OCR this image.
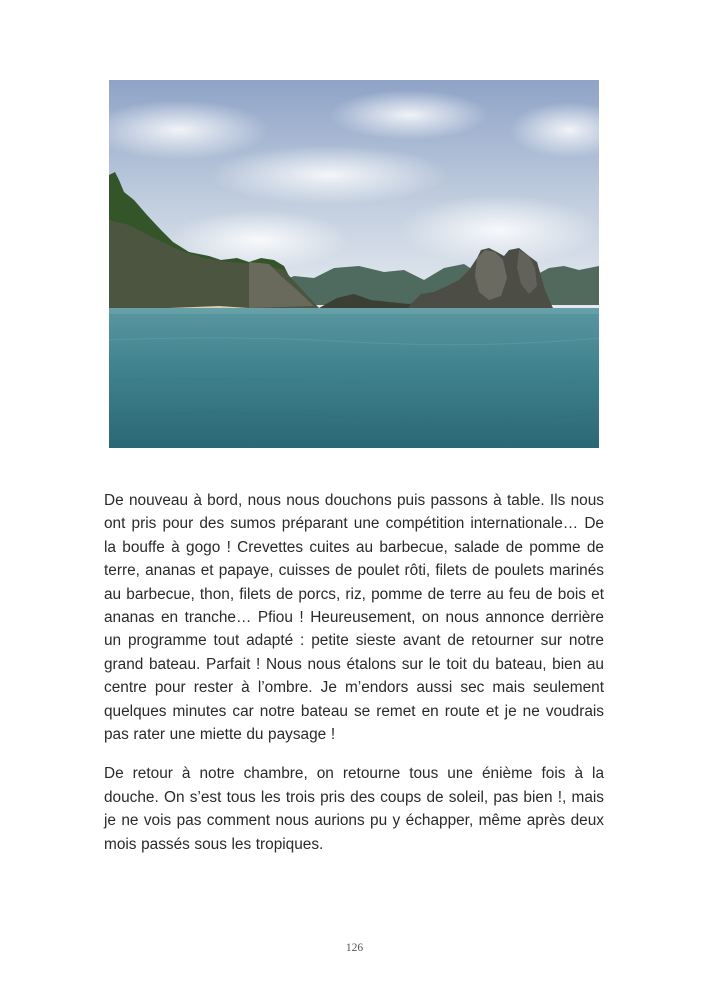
De nouveau à bord, nous nous douchons puis passons à table. Ils nous ont pris pour des sumos préparant une compétition internationale… De la bouffe à gogo ! Crevettes cuites au barbecue, salade de pomme de terre, ananas et papaye, cuisses de poulet rôti, filets de poulets marinés au barbecue, thon, filets de porcs, riz, pomme de terre au feu de bois et ananas en tranche… Pfiou ! Heureusement, on nous annonce derrière un programme tout adapté : petite sieste avant de retourner sur notre grand bateau. Parfait ! Nous nous étalons sur le toit du bateau, bien au centre pour rester à l’ombre. Je m’endors aussi sec mais seulement quelques minutes car notre bateau se remet en route et je ne voudrais pas rater une miette du paysage !

De retour à notre chambre, on retourne tous une énième fois à la douche. On s’est tous les trois pris des coups de soleil, pas bien !, mais je ne vois pas comment nous aurions pu y échapper, même après deux mois passés sous les tropiques.

126
